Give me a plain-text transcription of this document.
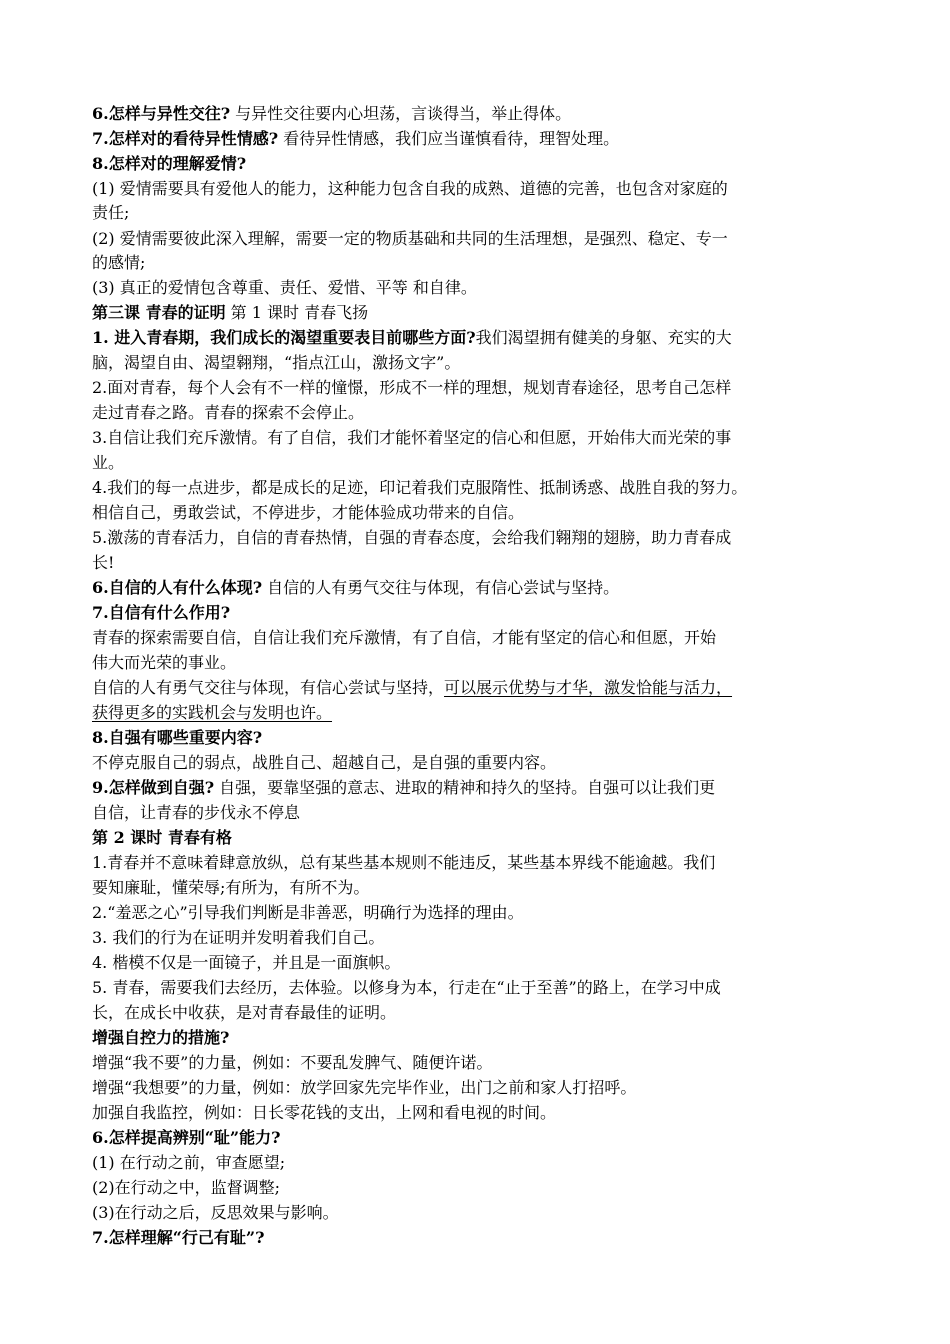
6.怎样与异性交往? 与异性交往要内心坦荡，言谈得当，举止得体。
7.怎样对的看待异性情感? 看待异性情感，我们应当谨慎看待，理智处理。
8.怎样对的理解爱情?
(1) 爱情需要具有爱他人的能力，这种能力包含自我的成熟、道德的完善，也包含对家庭的
责任;
(2) 爱情需要彼此深入理解，需要一定的物质基础和共同的生活理想，是强烈、稳定、专一
的感情;
(3) 真正的爱情包含尊重、责任、爱惜、平等 和自律。
第三课 青春的证明 第 1 课时 青春飞扬
1. 进入青春期，我们成长的渴望重要表目前哪些方面?我们渴望拥有健美的身躯、充实的大
脑，渴望自由、渴望翱翔，“指点江山，激扬文字”。
2.面对青春，每个人会有不一样的憧憬，形成不一样的理想，规划青春途径，思考自己怎样
走过青春之路。青春的探索不会停止。
3.自信让我们充斥激情。有了自信，我们才能怀着坚定的信心和但愿，开始伟大而光荣的事
业。
4.我们的每一点进步，都是成长的足迹，印记着我们克服隋性、抵制诱惑、战胜自我的努力。
相信自己，勇敢尝试，不停进步，才能体验成功带来的自信。
5.激荡的青春活力，自信的青春热情，自强的青春态度，会给我们翱翔的翅膀，助力青春成
长!
6.自信的人有什么体现? 自信的人有勇气交往与体现，有信心尝试与坚持。
7.自信有什么作用?
青春的探索需要自信，自信让我们充斥激情，有了自信，才能有坚定的信心和但愿，开始
伟大而光荣的事业。
自信的人有勇气交往与体现，有信心尝试与坚持，可以展示优势与才华，激发恰能与活力，
获得更多的实践机会与发明也许。
8.自强有哪些重要内容?
不停克服自己的弱点，战胜自己、超越自己，是自强的重要内容。
9.怎样做到自强? 自强，要靠坚强的意志、进取的精神和持久的坚持。自强可以让我们更
自信，让青春的步伐永不停息
第 2 课时 青春有格
1.青春并不意味着肆意放纵，总有某些基本规则不能违反，某些基本界线不能逾越。我们
要知廉耻，懂荣辱;有所为，有所不为。
2.“羞恶之心”引导我们判断是非善恶，明确行为选择的理由。
3. 我们的行为在证明并发明着我们自己。
4. 楷模不仅是一面镜子，并且是一面旗帜。
5. 青春，需要我们去经历，去体验。以修身为本，行走在“止于至善”的路上，在学习中成
长，在成长中收获，是对青春最佳的证明。
增强自控力的措施?
增强“我不要”的力量，例如：不要乱发脾气、随便许诺。
增强“我想要”的力量，例如：放学回家先完毕作业，出门之前和家人打招呼。
加强自我监控，例如：日长零花钱的支出，上网和看电视的时间。
6.怎样提高辨别“耻”能力?
(1) 在行动之前，审查愿望;
(2)在行动之中，监督调整;
(3)在行动之后，反思效果与影响。
7.怎样理解“行己有耻”?
